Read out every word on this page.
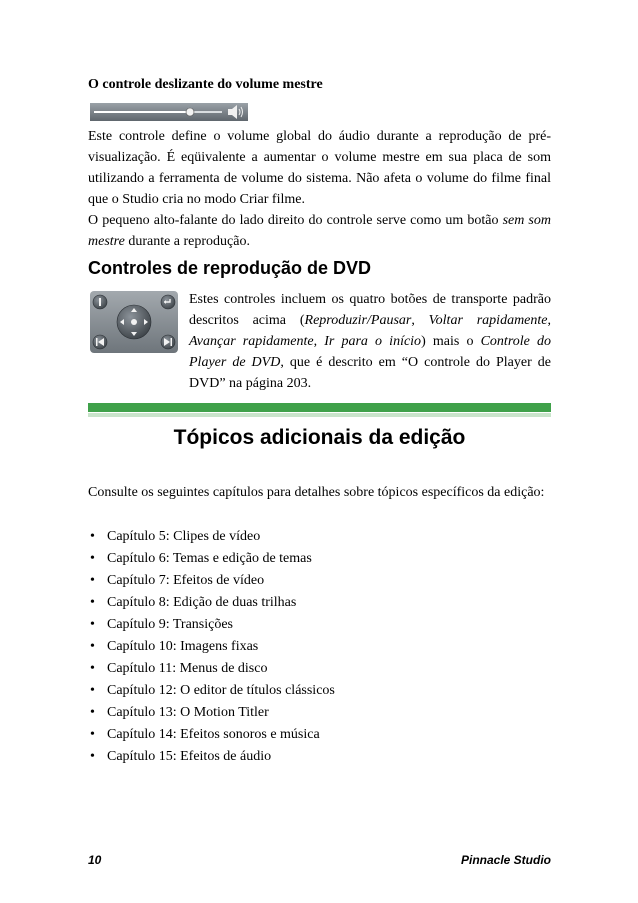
O controle deslizante do volume mestre

Este controle define o volume global do áudio durante a reprodução de pré-visualização. É eqüivalente a aumentar o volume mestre em sua placa de som utilizando a ferramenta de volume do sistema. Não afeta o volume do filme final que o Studio cria no modo Criar filme.

O pequeno alto-falante do lado direito do controle serve como um botão sem som mestre durante a reprodução.

Controles de reprodução de DVD

Estes controles incluem os quatro botões de transporte padrão descritos acima (Reproduzir/Pausar, Voltar rapidamente, Avançar rapidamente, Ir para o início) mais o Controle do Player de DVD, que é descrito em “O controle do Player de DVD” na página 203.

Tópicos adicionais da edição

Consulte os seguintes capítulos para detalhes sobre tópicos específicos da edição:

• Capítulo 5: Clipes de vídeo
• Capítulo 6: Temas e edição de temas
• Capítulo 7: Efeitos de vídeo
• Capítulo 8: Edição de duas trilhas
• Capítulo 9: Transições
• Capítulo 10: Imagens fixas
• Capítulo 11: Menus de disco
• Capítulo 12: O editor de títulos clássicos
• Capítulo 13: O Motion Titler
• Capítulo 14: Efeitos sonoros e música
• Capítulo 15: Efeitos de áudio
10	Pinnacle Studio
